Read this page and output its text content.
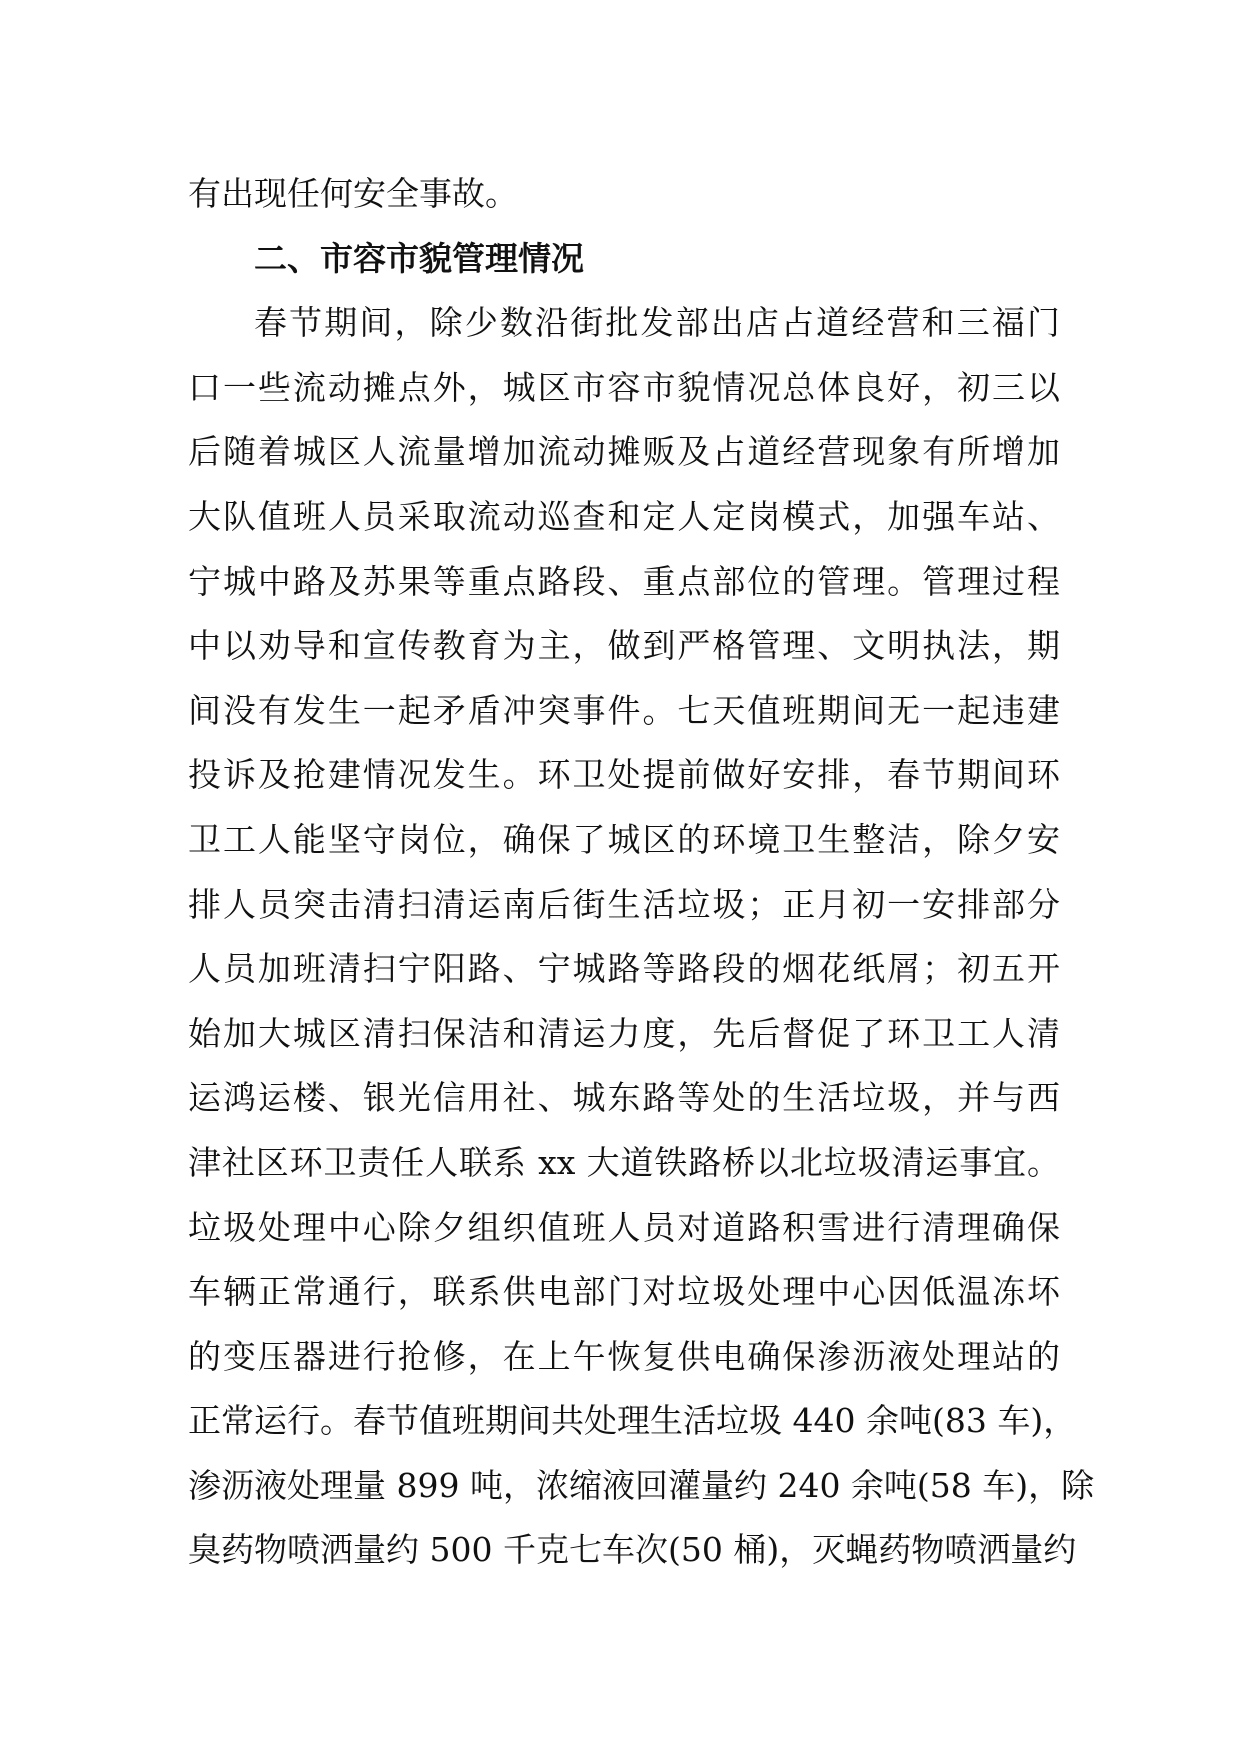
有出现任何安全事故。
二、市容市貌管理情况
春节期间，除少数沿街批发部出店占道经营和三福门
口一些流动摊点外，城区市容市貌情况总体良好，初三以
后随着城区人流量增加流动摊贩及占道经营现象有所增加
大队值班人员采取流动巡查和定人定岗模式，加强车站、
宁城中路及苏果等重点路段、重点部位的管理。管理过程
中以劝导和宣传教育为主，做到严格管理、文明执法，期
间没有发生一起矛盾冲突事件。七天值班期间无一起违建
投诉及抢建情况发生。环卫处提前做好安排，春节期间环
卫工人能坚守岗位，确保了城区的环境卫生整洁，除夕安
排人员突击清扫清运南后街生活垃圾；正月初一安排部分
人员加班清扫宁阳路、宁城路等路段的烟花纸屑；初五开
始加大城区清扫保洁和清运力度，先后督促了环卫工人清
运鸿运楼、银光信用社、城东路等处的生活垃圾，并与西
津社区环卫责任人联系 xx 大道铁路桥以北垃圾清运事宜。
垃圾处理中心除夕组织值班人员对道路积雪进行清理确保
车辆正常通行，联系供电部门对垃圾处理中心因低温冻坏
的变压器进行抢修，在上午恢复供电确保渗沥液处理站的
正常运行。春节值班期间共处理生活垃圾 440 余吨(83 车)，
渗沥液处理量 899 吨，浓缩液回灌量约 240 余吨(58 车)，除
臭药物喷洒量约 500 千克七车次(50 桶)，灭蝇药物喷洒量约
